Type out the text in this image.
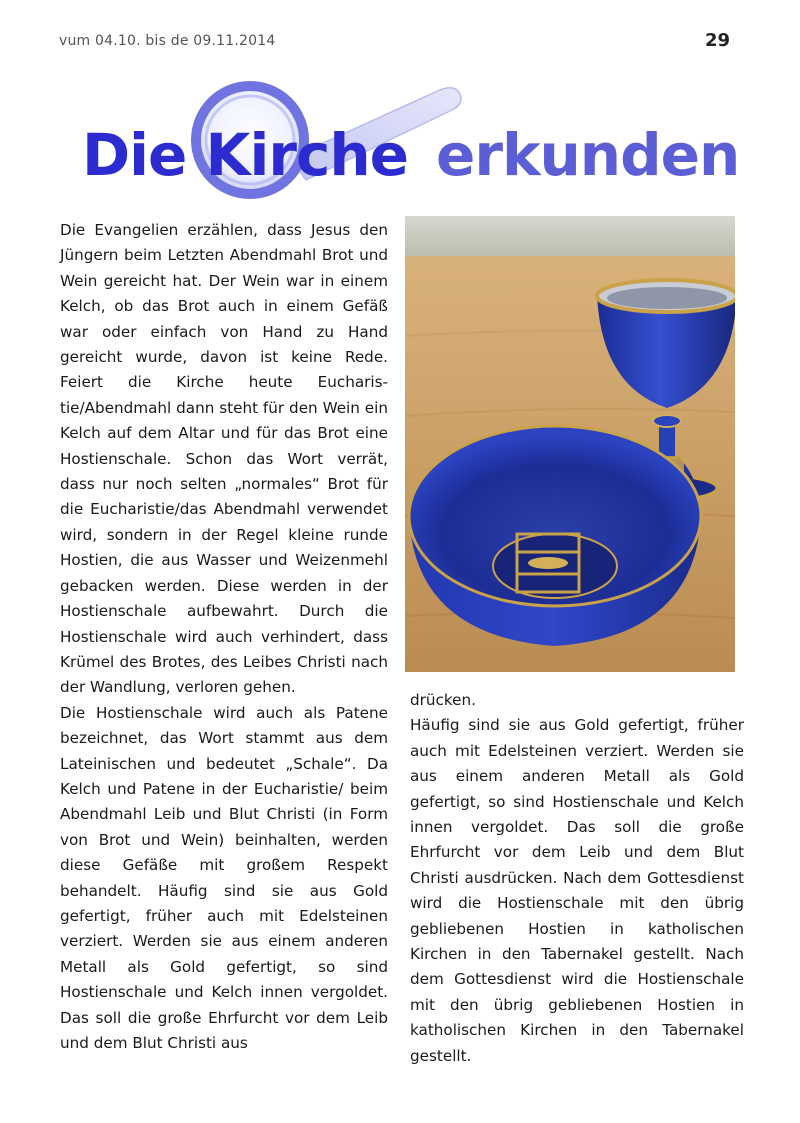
vum 04.10. bis de 09.11.2014	29
Die Kirche erkunden

Die Evangelien erzählen, dass Jesus den Jüngern beim Letzten Abendmahl Brot und Wein gereicht hat. Der Wein war in einem Kelch, ob das Brot auch in einem Gefäß war oder einfach von Hand zu Hand gereicht wurde, davon ist keine Rede. Feiert die Kirche heute Eucharistie/Abendmahl dann steht für den Wein ein Kelch auf dem Altar und für das Brot eine Hostienschale. Schon das Wort verrät, dass nur noch selten „normales“ Brot für die Eucharistie/das Abendmahl verwendet wird, sondern in der Regel kleine runde Hostien, die aus Wasser und Weizenmehl gebacken werden. Diese werden in der Hostienschale aufbewahrt. Durch die Hostienschale wird auch verhindert, dass Krümel des Brotes, des Leibes Christi nach der Wandlung, verloren gehen.

Die Hostienschale wird auch als Patene bezeichnet, das Wort stammt aus dem Lateinischen und bedeutet „Schale“. Da Kelch und Patene in der Eucharistie/ beim Abendmahl Leib und Blut Christi (in Form von Brot und Wein) beinhalten, werden diese Gefäße mit großem Respekt behandelt. Häufig sind sie aus Gold gefertigt, früher auch mit Edelsteinen verziert. Werden sie aus einem anderen Metall als Gold gefertigt, so sind Hostienschale und Kelch innen vergoldet. Das soll die große Ehrfurcht vor dem Leib und dem Blut Christi aus

drücken.

Häufig sind sie aus Gold gefertigt, früher auch mit Edelsteinen verziert. Werden sie aus einem anderen Metall als Gold gefertigt, so sind Hostienschale und Kelch innen vergoldet. Das soll die große Ehrfurcht vor dem Leib und dem Blut Christi ausdrücken. Nach dem Gottesdienst wird die Hostienschale mit den übrig gebliebenen Hostien in katholischen Kirchen in den Tabernakel gestellt. Nach dem Gottesdienst wird die Hostienschale mit den übrig gebliebenen Hostien in katholischen Kirchen in den Tabernakel gestellt.
